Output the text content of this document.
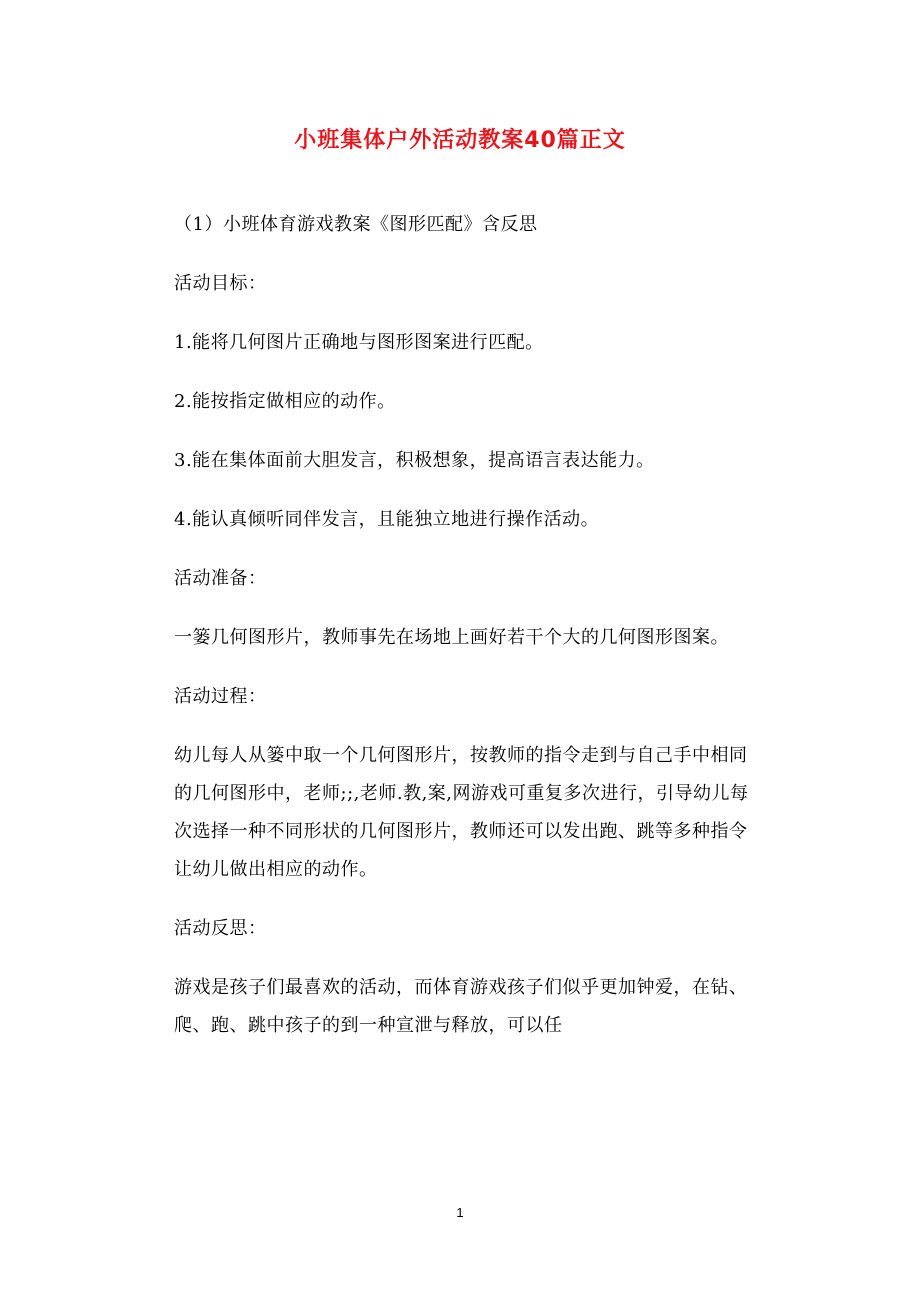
小班集体户外活动教案40篇正文

（1）小班体育游戏教案《图形匹配》含反思

活动目标：

1.能将几何图片正确地与图形图案进行匹配。

2.能按指定做相应的动作。

3.能在集体面前大胆发言，积极想象，提高语言表达能力。

4.能认真倾听同伴发言，且能独立地进行操作活动。

活动准备：

一篓几何图形片，教师事先在场地上画好若干个大的几何图形图案。

活动过程：

幼儿每人从篓中取一个几何图形片，按教师的指令走到与自己手中相同的几何图形中，老师;;,老师.教,案,网游戏可重复多次进行，引导幼儿每次选择一种不同形状的几何图形片，教师还可以发出跑、跳等多种指令让幼儿做出相应的动作。

活动反思：

游戏是孩子们最喜欢的活动，而体育游戏孩子们似乎更加钟爱，在钻、爬、跑、跳中孩子的到一种宣泄与释放，可以任

1
